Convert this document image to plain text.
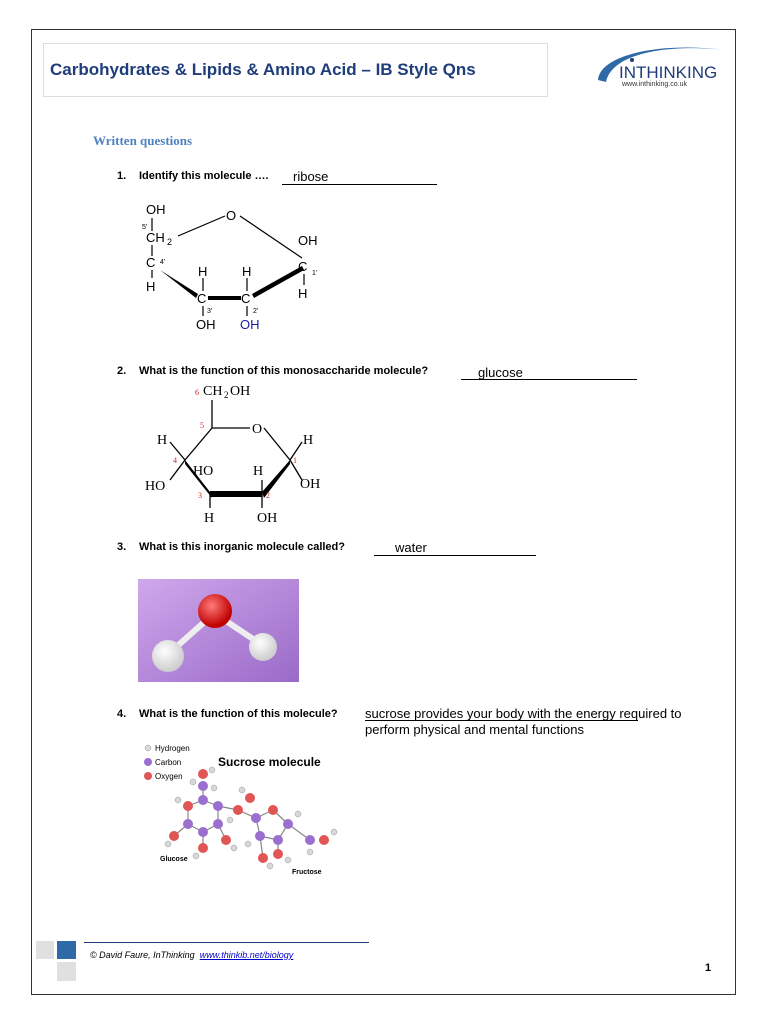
Carbohydrates & Lipids & Amino Acid – IB Style Qns	INTHINKING
www.inthinking.co.uk
Written questions
1. Identify this molecule …. ribose
OH
5'
CH 2
O
OH
C 4'
H
H	H
C	C
C 1'
H
3'	2'
OH OH
2. What is the function of this monosaccharide molecule?	glucose
6 CH 2 OH
5	O
H	H
4	1
HO	H
HO	OH
3	2
H	OH
3. What is this inorganic molecule called?	water
4. What is the function of this molecule? sucrose provides your body with the energy required to
perform physical and mental functions
Hydrogen
Carbon
Oxygen
Sucrose molecule
Glucose
Fructose
© David Faure, InThinking www.thinkib.net/biology
1
